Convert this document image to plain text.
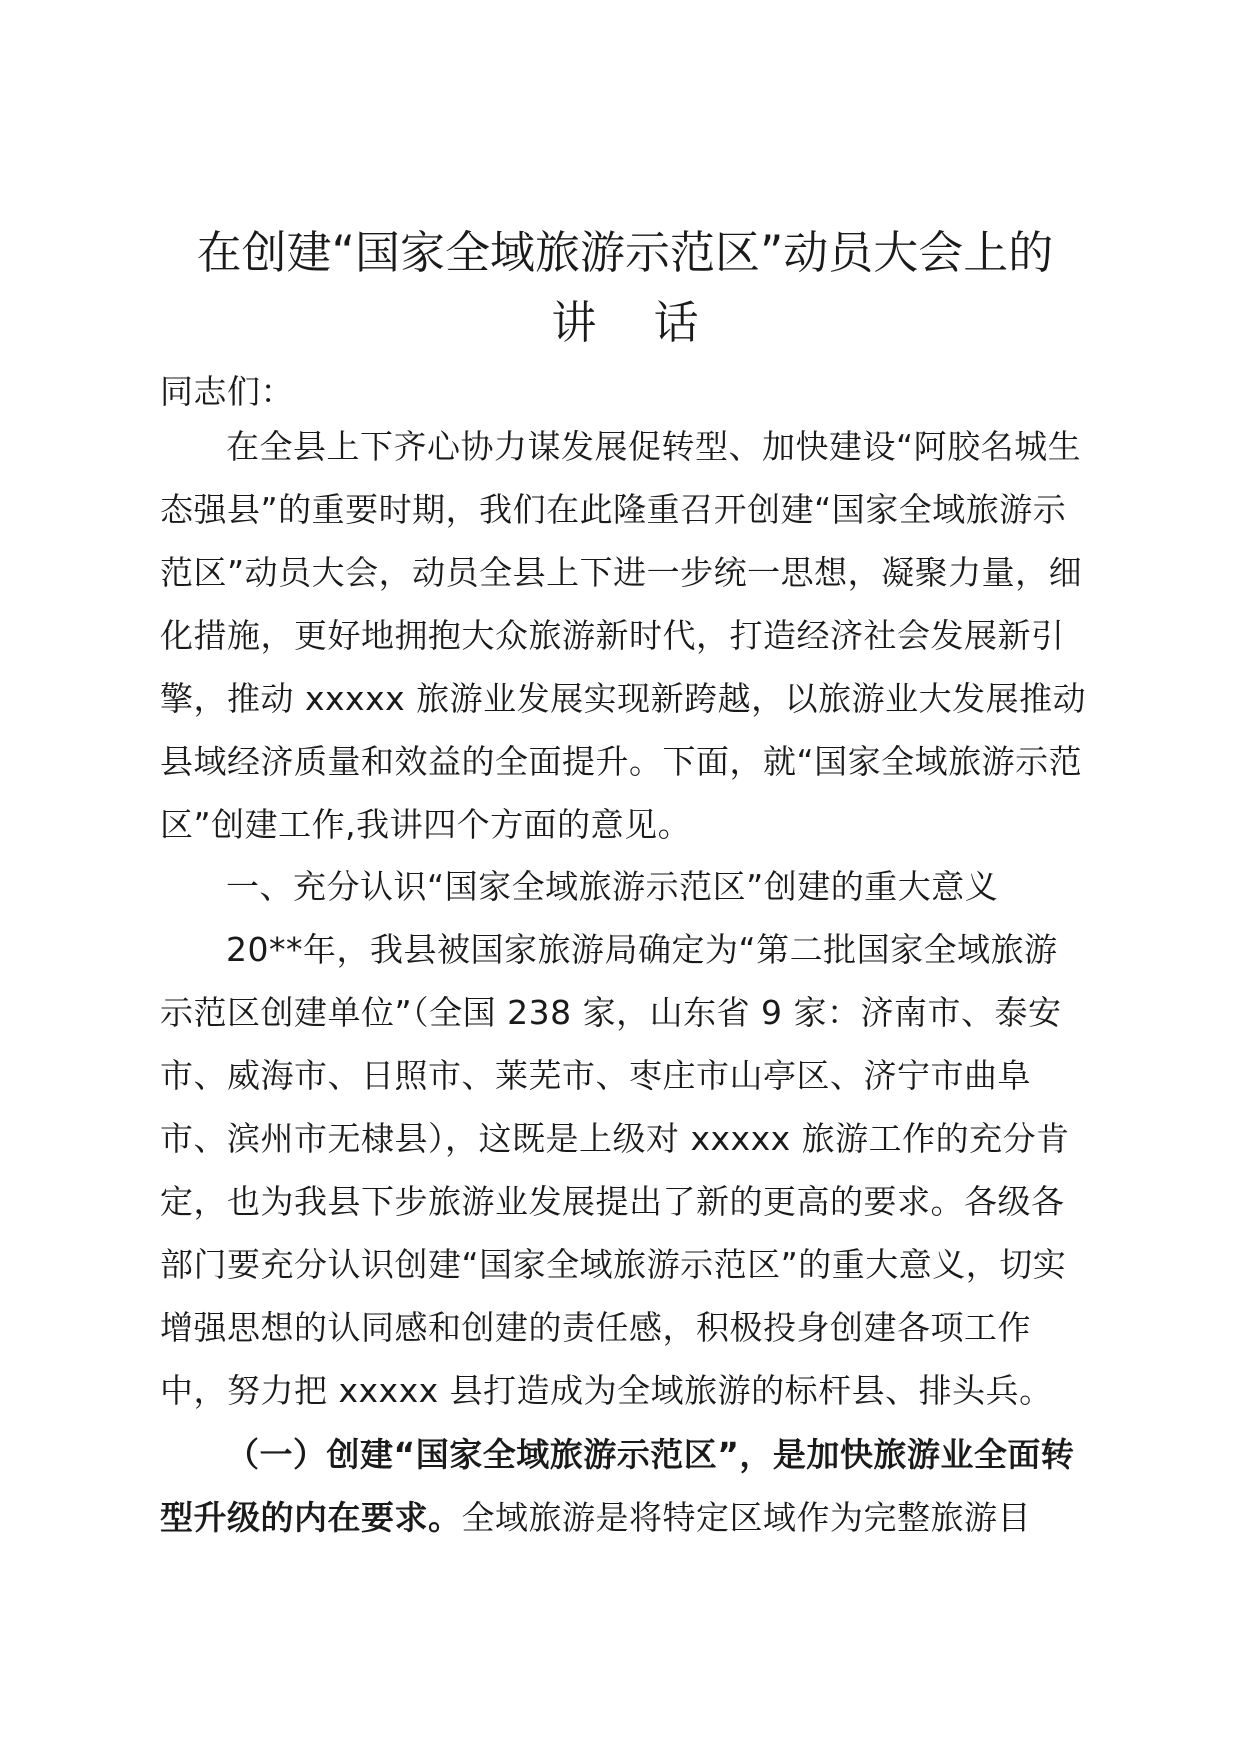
在创建“国家全域旅游示范区”动员大会上的
讲    话
同志们：

在全县上下齐心协力谋发展促转型、加快建设“阿胶名城生态强县”的重要时期，我们在此隆重召开创建“国家全域旅游示范区”动员大会，动员全县上下进一步统一思想，凝聚力量，细化措施，更好地拥抱大众旅游新时代，打造经济社会发展新引擎，推动 xxxxx 旅游业发展实现新跨越，以旅游业大发展推动县域经济质量和效益的全面提升。下面，就“国家全域旅游示范区”创建工作,我讲四个方面的意见。

一、充分认识“国家全域旅游示范区”创建的重大意义

20**年，我县被国家旅游局确定为“第二批国家全域旅游示范区创建单位”（全国 238 家，山东省 9 家：济南市、泰安市、威海市、日照市、莱芜市、枣庄市山亭区、济宁市曲阜市、滨州市无棣县），这既是上级对 xxxxx 旅游工作的充分肯定，也为我县下步旅游业发展提出了新的更高的要求。各级各部门要充分认识创建“国家全域旅游示范区”的重大意义，切实增强思想的认同感和创建的责任感，积极投身创建各项工作中，努力把 xxxxx 县打造成为全域旅游的标杆县、排头兵。

（一）创建“国家全域旅游示范区”，是加快旅游业全面转型升级的内在要求。全域旅游是将特定区域作为完整旅游目
